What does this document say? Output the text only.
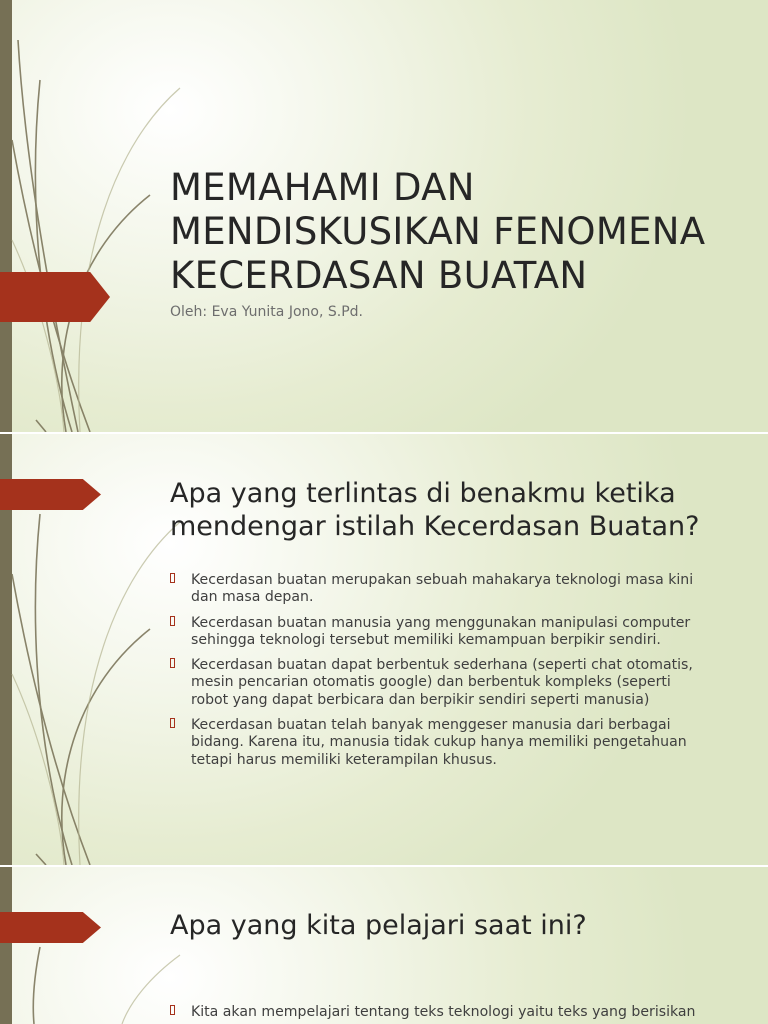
MEMAHAMI DAN MENDISKUSIKAN FENOMENA KECERDASAN BUATAN

Oleh: Eva Yunita Jono, S.Pd.

Apa yang terlintas di benakmu ketika mendengar istilah Kecerdasan Buatan?
Kecerdasan buatan merupakan sebuah mahakarya teknologi masa kini dan masa depan.
Kecerdasan buatan manusia yang menggunakan manipulasi computer sehingga teknologi tersebut memiliki kemampuan berpikir sendiri.
Kecerdasan buatan dapat berbentuk sederhana (seperti chat otomatis, mesin pencarian otomatis google) dan berbentuk kompleks (seperti robot yang dapat berbicara dan berpikir sendiri seperti manusia)
Kecerdasan buatan telah banyak menggeser manusia dari berbagai bidang. Karena itu, manusia tidak cukup hanya memiliki pengetahuan tetapi harus memiliki keterampilan khusus.
Apa yang kita pelajari saat ini?
Kita akan mempelajari tentang teks teknologi yaitu teks yang berisikan
